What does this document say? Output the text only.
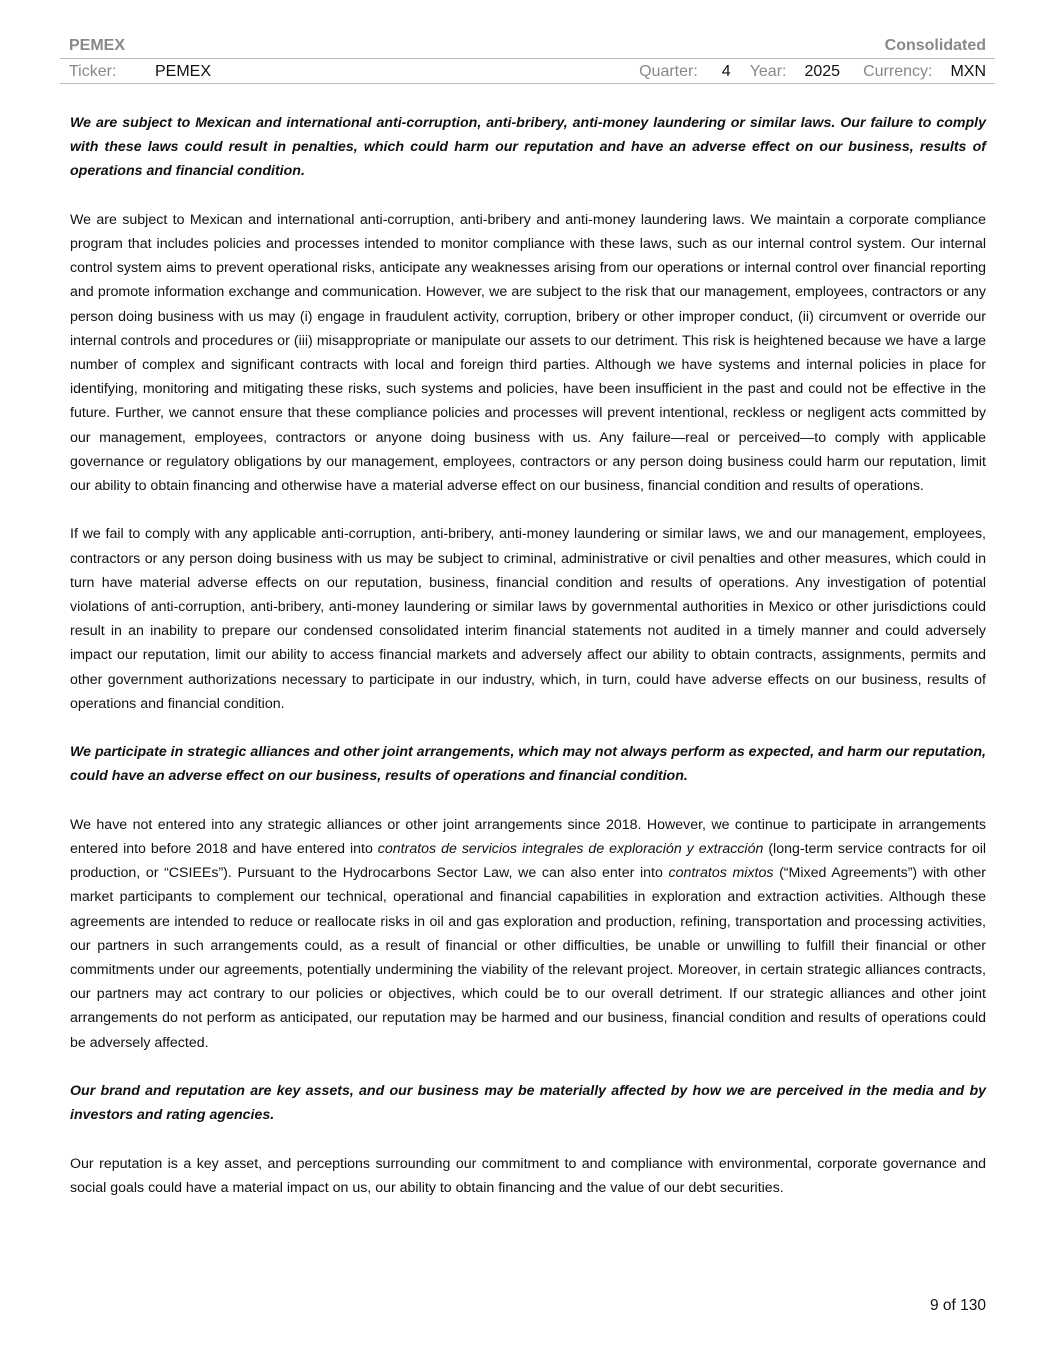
PEMEX	Consolidated
Ticker:	PEMEX	Quarter: 4 Year: 2025 Currency: MXN

We are subject to Mexican and international anti-corruption, anti-bribery, anti-money laundering or similar laws. Our failure to comply with these laws could result in penalties, which could harm our reputation and have an adverse effect on our business, results of operations and financial condition.

We are subject to Mexican and international anti-corruption, anti-bribery and anti-money laundering laws. We maintain a corporate compliance program that includes policies and processes intended to monitor compliance with these laws, such as our internal control system. Our internal control system aims to prevent operational risks, anticipate any weaknesses arising from our operations or internal control over financial reporting and promote information exchange and communication. However, we are subject to the risk that our management, employees, contractors or any person doing business with us may (i) engage in fraudulent activity, corruption, bribery or other improper conduct, (ii) circumvent or override our internal controls and procedures or (iii) misappropriate or manipulate our assets to our detriment. This risk is heightened because we have a large number of complex and significant contracts with local and foreign third parties. Although we have systems and internal policies in place for identifying, monitoring and mitigating these risks, such systems and policies, have been insufficient in the past and could not be effective in the future. Further, we cannot ensure that these compliance policies and processes will prevent intentional, reckless or negligent acts committed by our management, employees, contractors or anyone doing business with us. Any failure—real or perceived—to comply with applicable governance or regulatory obligations by our management, employees, contractors or any person doing business could harm our reputation, limit our ability to obtain financing and otherwise have a material adverse effect on our business, financial condition and results of operations.

If we fail to comply with any applicable anti-corruption, anti-bribery, anti-money laundering or similar laws, we and our management, employees, contractors or any person doing business with us may be subject to criminal, administrative or civil penalties and other measures, which could in turn have material adverse effects on our reputation, business, financial condition and results of operations. Any investigation of potential violations of anti-corruption, anti-bribery, anti-money laundering or similar laws by governmental authorities in Mexico or other jurisdictions could result in an inability to prepare our condensed consolidated interim financial statements not audited in a timely manner and could adversely impact our reputation, limit our ability to access financial markets and adversely affect our ability to obtain contracts, assignments, permits and other government authorizations necessary to participate in our industry, which, in turn, could have adverse effects on our business, results of operations and financial condition.

We participate in strategic alliances and other joint arrangements, which may not always perform as expected, and harm our reputation, could have an adverse effect on our business, results of operations and financial condition.

We have not entered into any strategic alliances or other joint arrangements since 2018. However, we continue to participate in arrangements entered into before 2018 and have entered into contratos de servicios integrales de exploración y extracción (long-term service contracts for oil production, or “CSIEEs”). Pursuant to the Hydrocarbons Sector Law, we can also enter into contratos mixtos (“Mixed Agreements”) with other market participants to complement our technical, operational and financial capabilities in exploration and extraction activities. Although these agreements are intended to reduce or reallocate risks in oil and gas exploration and production, refining, transportation and processing activities, our partners in such arrangements could, as a result of financial or other difficulties, be unable or unwilling to fulfill their financial or other commitments under our agreements, potentially undermining the viability of the relevant project. Moreover, in certain strategic alliances contracts, our partners may act contrary to our policies or objectives, which could be to our overall detriment. If our strategic alliances and other joint arrangements do not perform as anticipated, our reputation may be harmed and our business, financial condition and results of operations could be adversely affected.

Our brand and reputation are key assets, and our business may be materially affected by how we are perceived in the media and by investors and rating agencies.

Our reputation is a key asset, and perceptions surrounding our commitment to and compliance with environmental, corporate governance and social goals could have a material impact on us, our ability to obtain financing and the value of our debt securities.

9 of 130
